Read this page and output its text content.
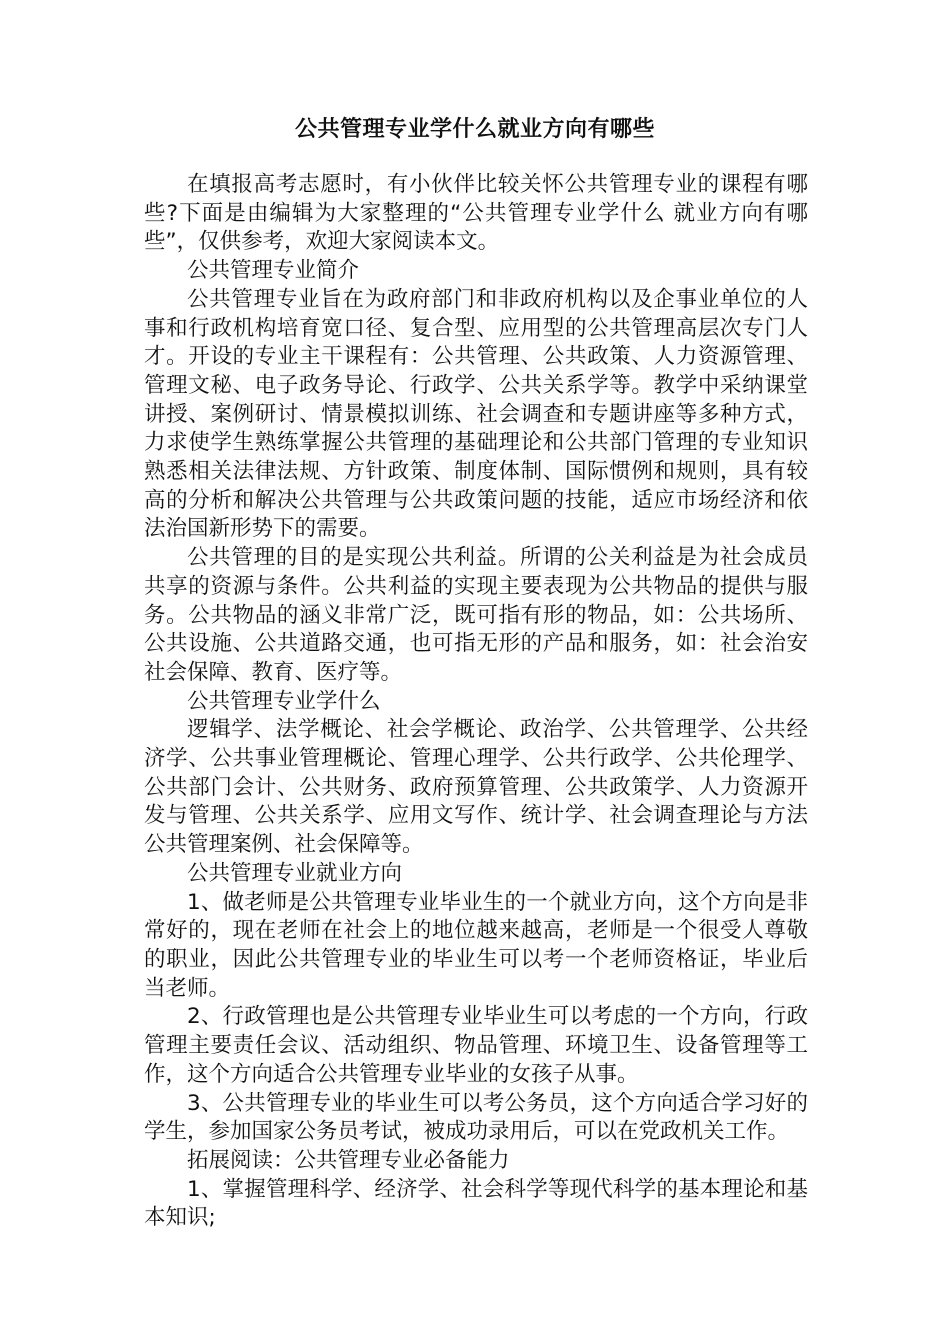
公共管理专业学什么就业方向有哪些

在填报高考志愿时，有小伙伴比较关怀公共管理专业的课程有哪些?下面是由编辑为大家整理的“公共管理专业学什么 就业方向有哪些”，仅供参考，欢迎大家阅读本文。

公共管理专业简介

公共管理专业旨在为政府部门和非政府机构以及企事业单位的人事和行政机构培育宽口径、复合型、应用型的公共管理高层次专门人才。开设的专业主干课程有：公共管理、公共政策、人力资源管理、管理文秘、电子政务导论、行政学、公共关系学等。教学中采纳课堂讲授、案例研讨、情景模拟训练、社会调查和专题讲座等多种方式，力求使学生熟练掌握公共管理的基础理论和公共部门管理的专业知识熟悉相关法律法规、方针政策、制度体制、国际惯例和规则，具有较高的分析和解决公共管理与公共政策问题的技能，适应市场经济和依法治国新形势下的需要。

公共管理的目的是实现公共利益。所谓的公关利益是为社会成员共享的资源与条件。公共利益的实现主要表现为公共物品的提供与服务。公共物品的涵义非常广泛，既可指有形的物品，如：公共场所、公共设施、公共道路交通，也可指无形的产品和服务，如：社会治安社会保障、教育、医疗等。

公共管理专业学什么

逻辑学、法学概论、社会学概论、政治学、公共管理学、公共经济学、公共事业管理概论、管理心理学、公共行政学、公共伦理学、公共部门会计、公共财务、政府预算管理、公共政策学、人力资源开发与管理、公共关系学、应用文写作、统计学、社会调查理论与方法公共管理案例、社会保障等。

公共管理专业就业方向

1、做老师是公共管理专业毕业生的一个就业方向，这个方向是非常好的，现在老师在社会上的地位越来越高，老师是一个很受人尊敬的职业，因此公共管理专业的毕业生可以考一个老师资格证，毕业后当老师。

2、行政管理也是公共管理专业毕业生可以考虑的一个方向，行政管理主要责任会议、活动组织、物品管理、环境卫生、设备管理等工作，这个方向适合公共管理专业毕业的女孩子从事。

3、公共管理专业的毕业生可以考公务员，这个方向适合学习好的学生，参加国家公务员考试，被成功录用后，可以在党政机关工作。

拓展阅读：公共管理专业必备能力

1、掌握管理科学、经济学、社会科学等现代科学的基本理论和基本知识;
